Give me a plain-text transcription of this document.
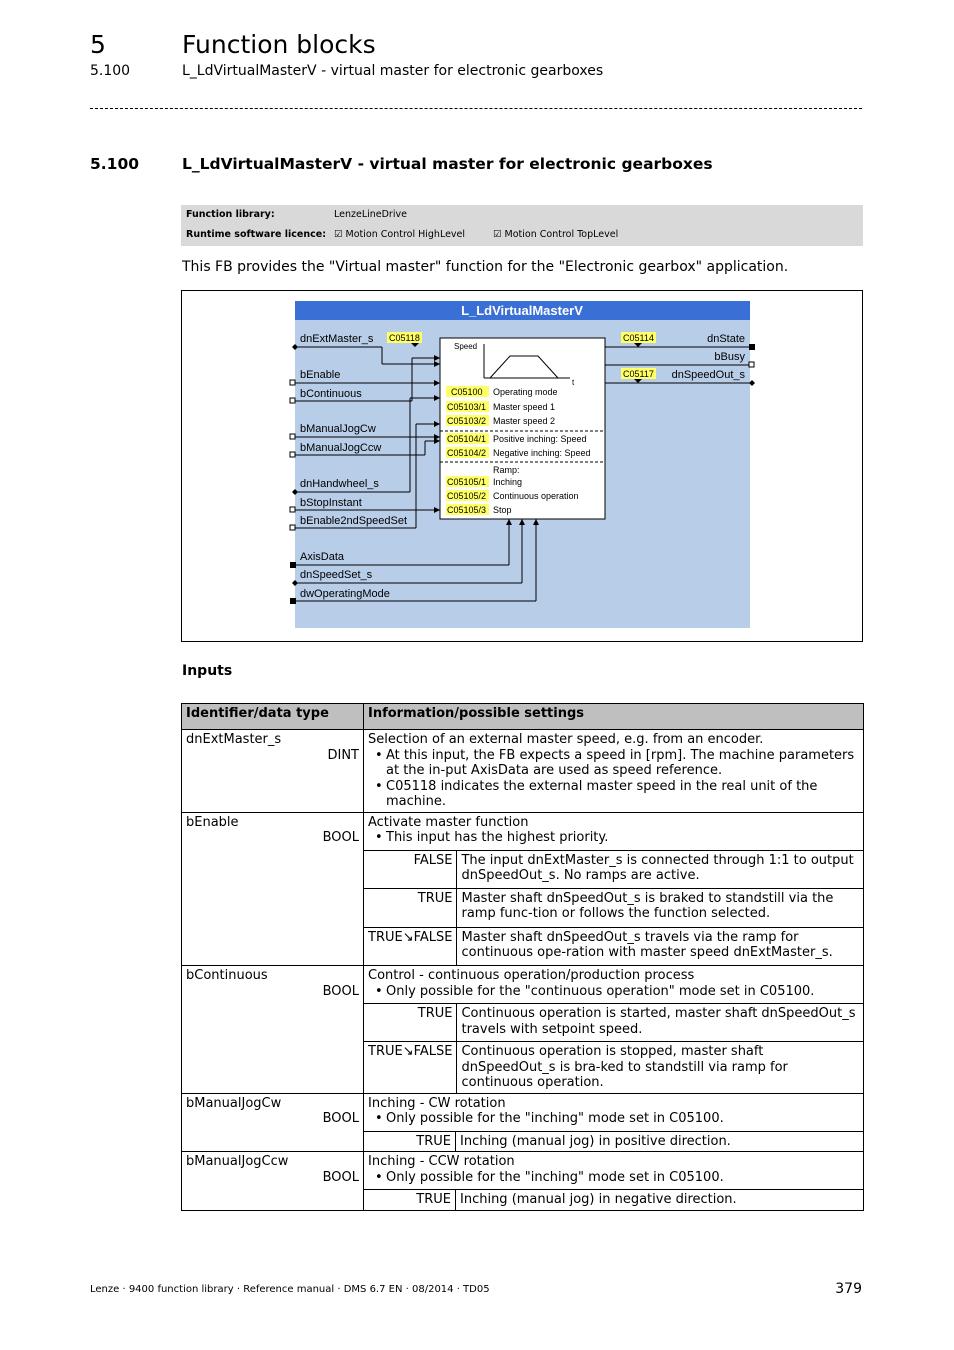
5	Function blocks
5.100	L_LdVirtualMasterV - virtual master for electronic gearboxes
5.100	L_LdVirtualMasterV - virtual master for electronic gearboxes
Function library:	LenzeLineDrive
Runtime software licence: ☑ Motion Control HighLevel	☑ Motion Control TopLevel
This FB provides the "Virtual master" function for the "Electronic gearbox" application.
L_LdVirtualMasterV
Speed
t
dnExtMaster_s
bEnable
bContinuous
bManualJogCw
bManualJogCcw
dnHandwheel_s
bStopInstant
bEnable2ndSpeedSet
AxisData
dnSpeedSet_s
dwOperatingMode
dnState
bBusy
dnSpeedOut_s
C05118	C05114
C05117
C05100
C05103/1
C05103/2
C05104/1
C05104/2
C05105/1
C05105/2
C05105/3
Operating mode
Master speed 1
Master speed 2
Positive inching: Speed
Negative inching: Speed
Ramp:
Inching
Continuous operation
Stop
Inputs
Identifier/data type	Information/possible settings

dnExtMaster_s
DINT

Selection of an external master speed, e.g. from an encoder.
• At this input, the FB expects a speed in [rpm]. The machine parameters at the in-put AxisData are used as speed reference.
• C05118 indicates the external master speed in the real unit of the machine.

bEnable
BOOL

Activate master function
• This input has the highest priority.
FALSE	The input dnExtMaster_s is connected through 1:1 to output dnSpeedOut_s. No ramps are active.
TRUE	Master shaft dnSpeedOut_s is braked to standstill via the ramp func-tion or follows the function selected.
TRUE↘FALSE	Master shaft dnSpeedOut_s travels via the ramp for continuous ope-ration with master speed dnExtMaster_s.

bContinuous
BOOL

Control - continuous operation/production process
• Only possible for the "continuous operation" mode set in C05100.
TRUE	Continuous operation is started, master shaft dnSpeedOut_s travels with setpoint speed.
TRUE↘FALSE	Continuous operation is stopped, master shaft dnSpeedOut_s is bra-ked to standstill via ramp for continuous operation.

bManualJogCw
BOOL

Inching - CW rotation
• Only possible for the "inching" mode set in C05100.
TRUE	Inching (manual jog) in positive direction.

bManualJogCcw
BOOL

Inching - CCW rotation
• Only possible for the "inching" mode set in C05100.
TRUE	Inching (manual jog) in negative direction.
Lenze · 9400 function library · Reference manual · DMS 6.7 EN · 08/2014 · TD05	379
